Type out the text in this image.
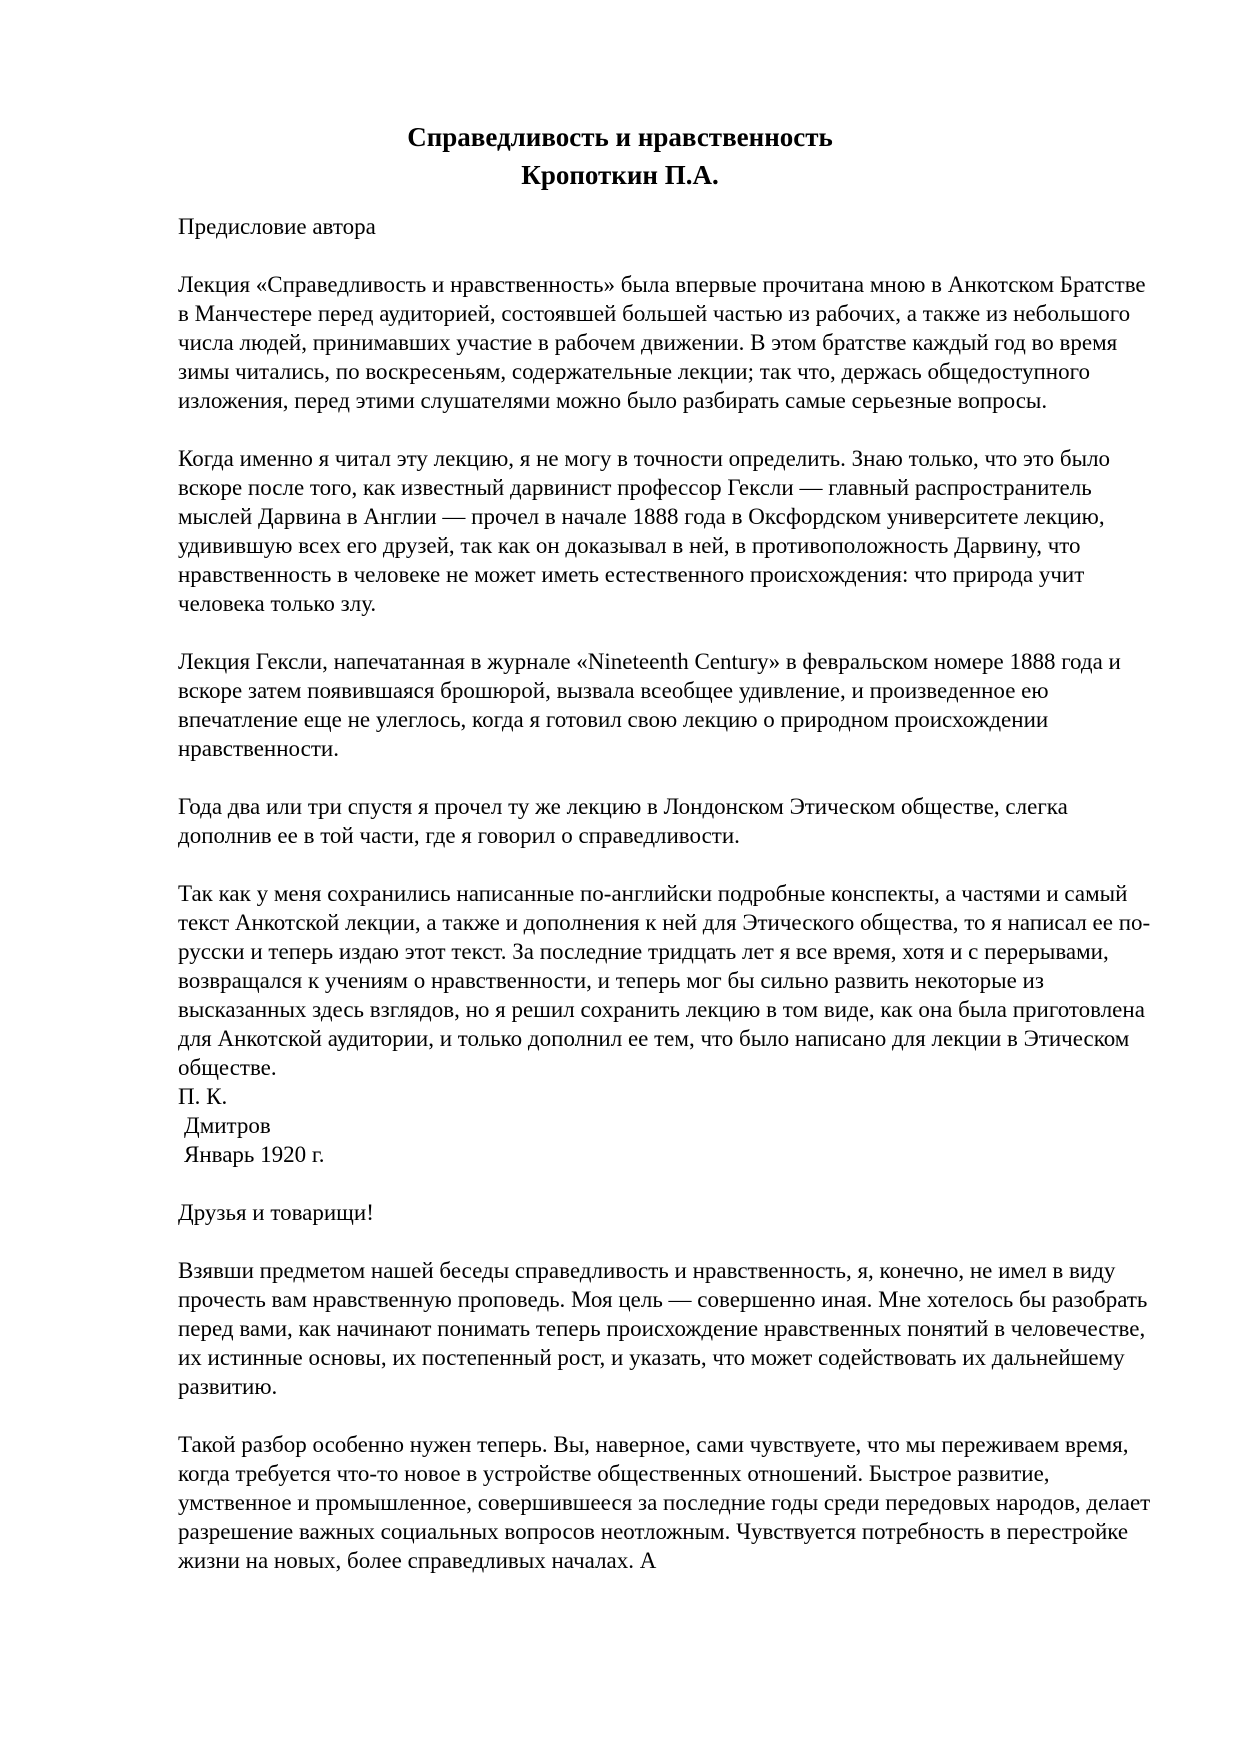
Справедливость и нравственность
Кропоткин П.А.

Предисловие автора

Лекция «Справедливость и нравственность» была впервые прочитана мною в Анкотском Братстве в Манчестере перед аудиторией, состоявшей большей частью из рабочих, а также из небольшого числа людей, принимавших участие в рабочем движении. В этом братстве каждый год во время зимы читались, по воскресеньям, содержательные лекции; так что, держась общедоступного изложения, перед этими слушателями можно было разбирать самые серьезные вопросы.

Когда именно я читал эту лекцию, я не могу в точности определить. Знаю только, что это было вскоре после того, как известный дарвинист профессор Гексли — главный распространитель мыслей Дарвина в Англии — прочел в начале 1888 года в Оксфордском университете лекцию, удивившую всех его друзей, так как он доказывал в ней, в противоположность Дарвину, что нравственность в человеке не может иметь естественного происхождения: что природа учит человека только злу.

Лекция Гексли, напечатанная в журнале «Nineteenth Century» в февральском номере 1888 года и вскоре затем появившаяся брошюрой, вызвала всеобщее удивление, и произведенное ею впечатление еще не улеглось, когда я готовил свою лекцию о природном происхождении нравственности.

Года два или три спустя я прочел ту же лекцию в Лондонском Этическом обществе, слегка дополнив ее в той части, где я говорил о справедливости.

Так как у меня сохранились написанные по-английски подробные конспекты, а частями и самый текст Анкотской лекции, а также и дополнения к ней для Этического общества, то я написал ее по-русски и теперь издаю этот текст. За последние тридцать лет я все время, хотя и с перерывами, возвращался к учениям о нравственности, и теперь мог бы сильно развить некоторые из высказанных здесь взглядов, но я решил сохранить лекцию в том виде, как она была приготовлена для Анкотской аудитории, и только дополнил ее тем, что было написано для лекции в Этическом обществе.

П. К.

Дмитров

Январь 1920 г.

Друзья и товарищи!

Взявши предметом нашей беседы справедливость и нравственность, я, конечно, не имел в виду прочесть вам нравственную проповедь. Моя цель — совершенно иная. Мне хотелось бы разобрать перед вами, как начинают понимать теперь происхождение нравственных понятий в человечестве, их истинные основы, их постепенный рост, и указать, что может содействовать их дальнейшему развитию.

Такой разбор особенно нужен теперь. Вы, наверное, сами чувствуете, что мы переживаем время, когда требуется что-то новое в устройстве общественных отношений. Быстрое развитие, умственное и промышленное, совершившееся за последние годы среди передовых народов, делает разрешение важных социальных вопросов неотложным. Чувствуется потребность в перестройке жизни на новых, более справедливых началах. А
